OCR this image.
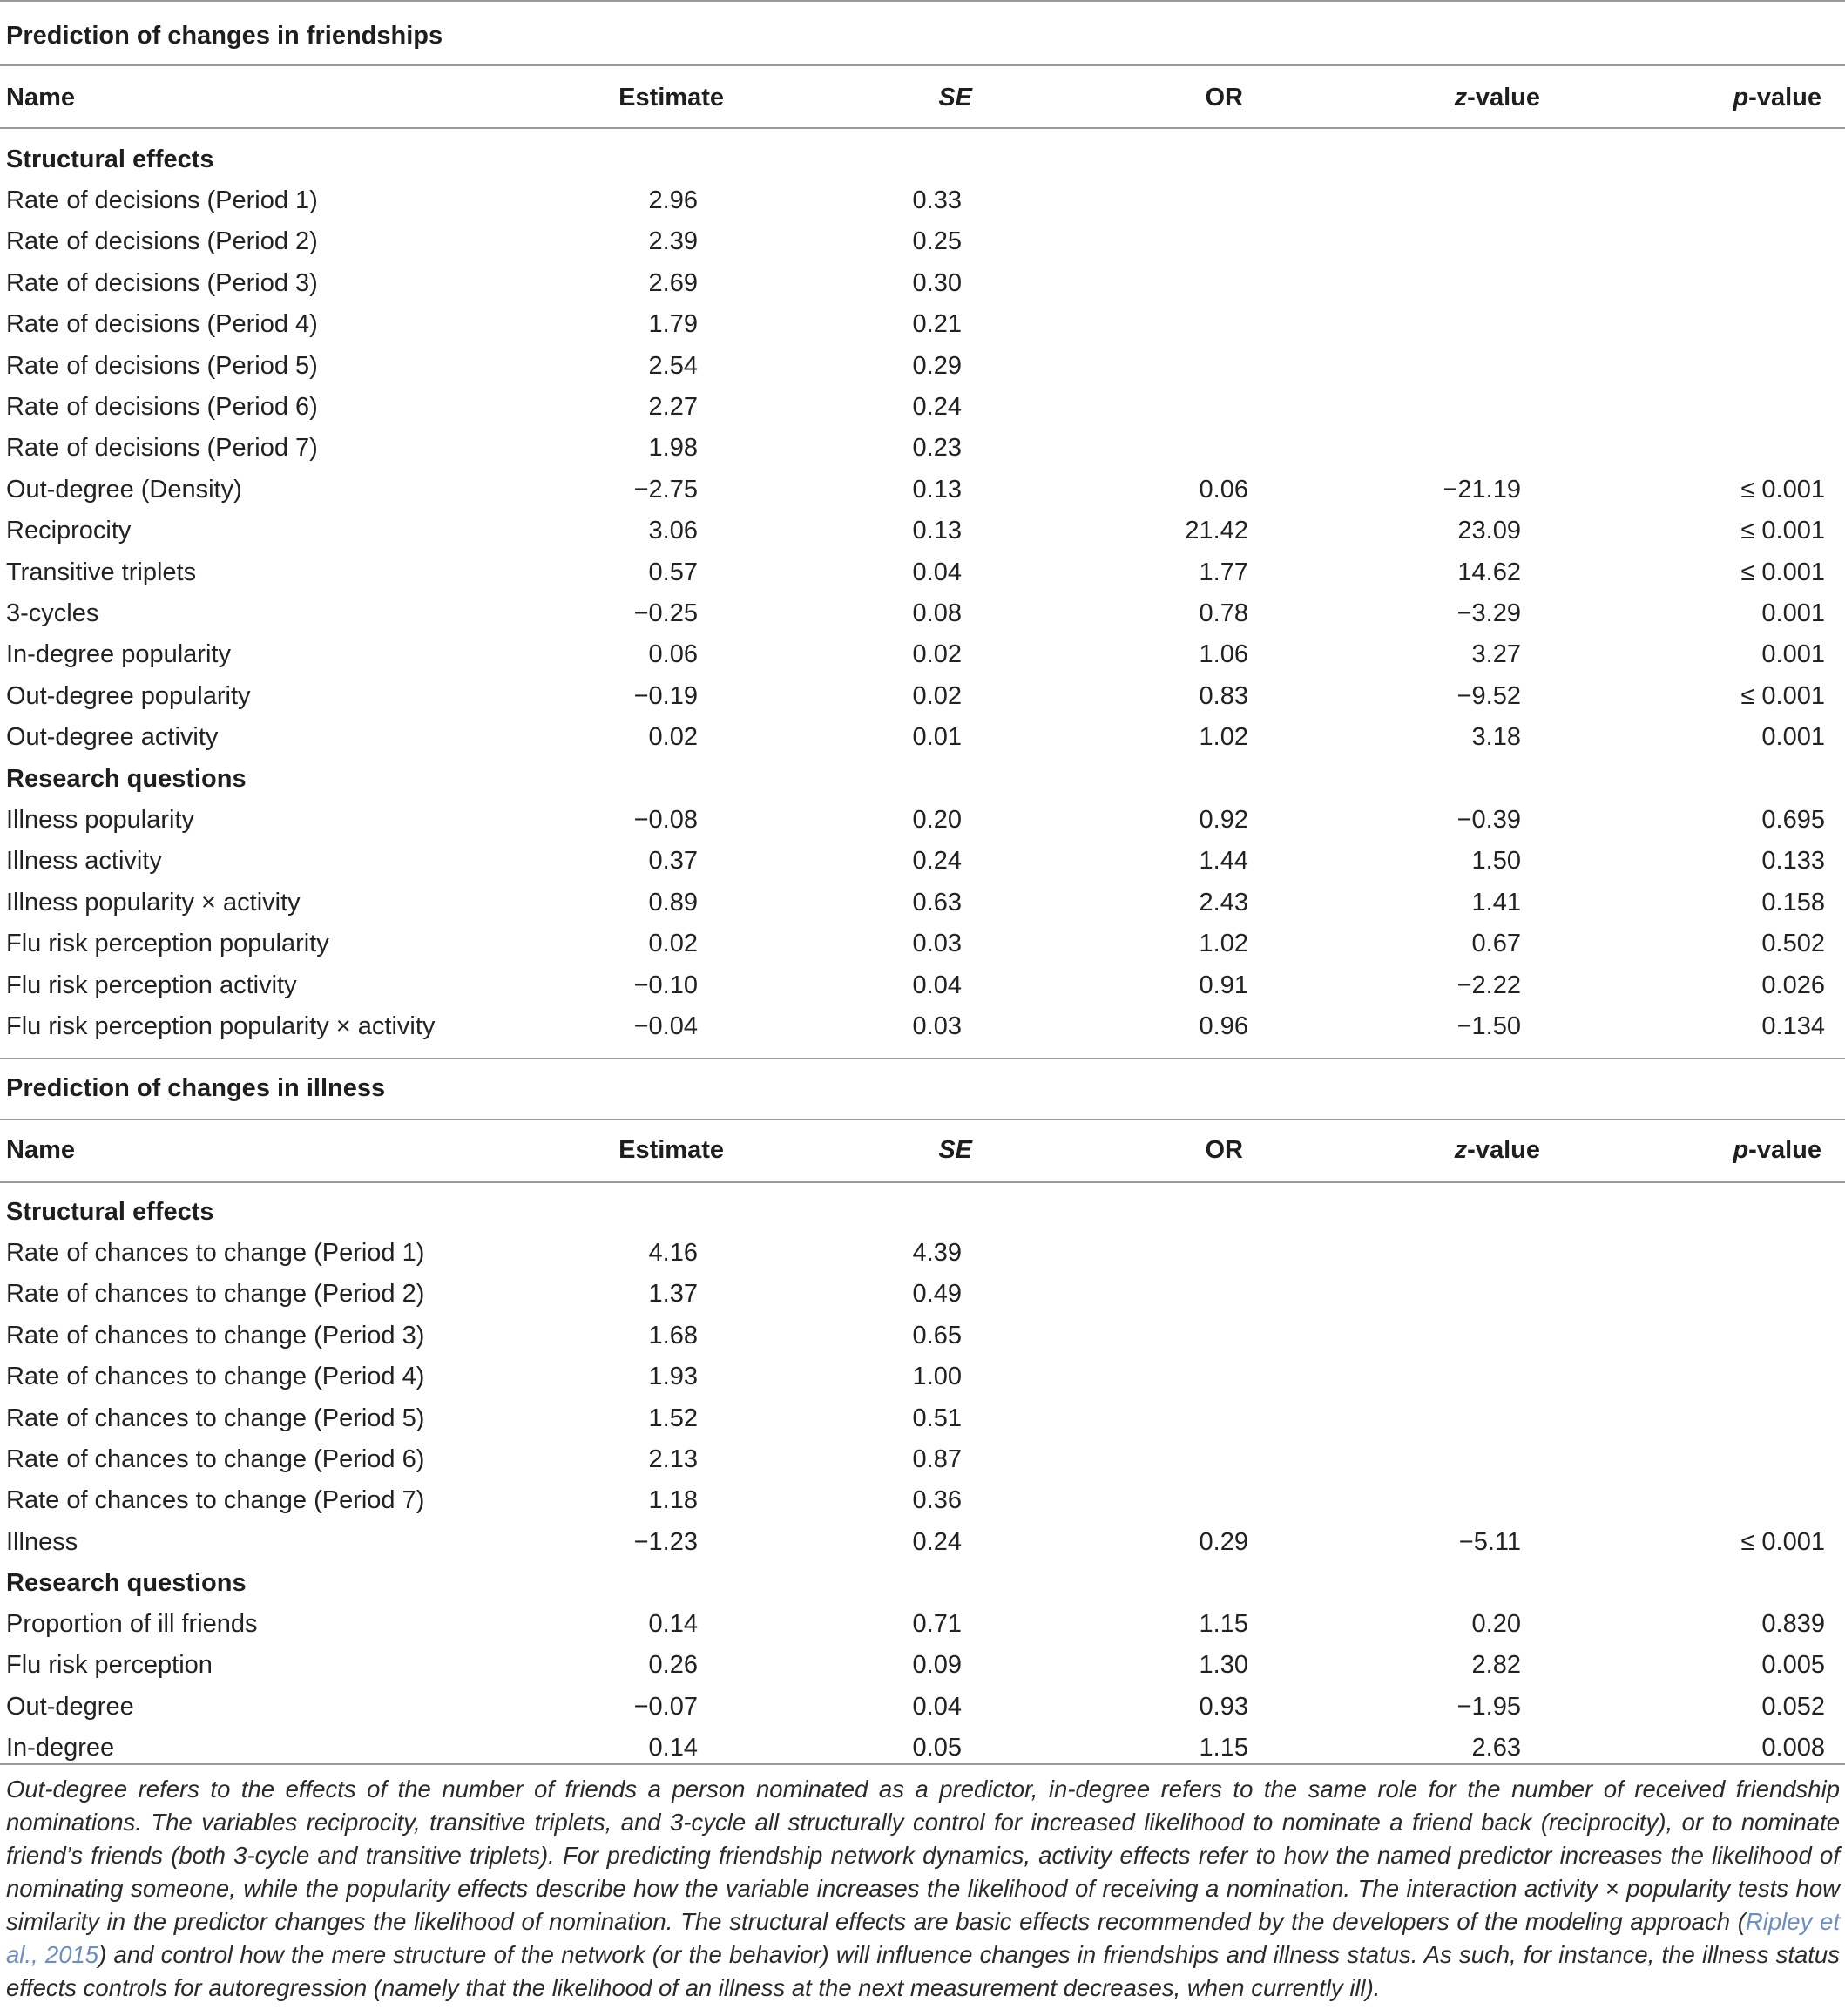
Prediction of changes in friendships
Name	Estimate	SE	OR	z-value	p-value
Structural effects
Rate of decisions (Period 1)	2.96	0.33
Rate of decisions (Period 2)	2.39	0.25
Rate of decisions (Period 3)	2.69	0.30
Rate of decisions (Period 4)	1.79	0.21
Rate of decisions (Period 5)	2.54	0.29
Rate of decisions (Period 6)	2.27	0.24
Rate of decisions (Period 7)	1.98	0.23
Out-degree (Density)	−2.75	0.13	0.06	−21.19	≤ 0.001
Reciprocity	3.06	0.13	21.42	23.09	≤ 0.001
Transitive triplets	0.57	0.04	1.77	14.62	≤ 0.001
3-cycles	−0.25	0.08	0.78	−3.29	0.001
In-degree popularity	0.06	0.02	1.06	3.27	0.001
Out-degree popularity	−0.19	0.02	0.83	−9.52	≤ 0.001
Out-degree activity	0.02	0.01	1.02	3.18	0.001
Research questions
Illness popularity	−0.08	0.20	0.92	−0.39	0.695
Illness activity	0.37	0.24	1.44	1.50	0.133
Illness popularity × activity	0.89	0.63	2.43	1.41	0.158
Flu risk perception popularity	0.02	0.03	1.02	0.67	0.502
Flu risk perception activity	−0.10	0.04	0.91	−2.22	0.026
Flu risk perception popularity × activity	−0.04	0.03	0.96	−1.50	0.134
Prediction of changes in illness
Name	Estimate	SE	OR	z-value	p-value
Structural effects
Rate of chances to change (Period 1)	4.16	4.39
Rate of chances to change (Period 2)	1.37	0.49
Rate of chances to change (Period 3)	1.68	0.65
Rate of chances to change (Period 4)	1.93	1.00
Rate of chances to change (Period 5)	1.52	0.51
Rate of chances to change (Period 6)	2.13	0.87
Rate of chances to change (Period 7)	1.18	0.36
Illness	−1.23	0.24	0.29	−5.11	≤ 0.001
Research questions
Proportion of ill friends	0.14	0.71	1.15	0.20	0.839
Flu risk perception	0.26	0.09	1.30	2.82	0.005
Out-degree	−0.07	0.04	0.93	−1.95	0.052
In-degree	0.14	0.05	1.15	2.63	0.008
Out-degree refers to the effects of the number of friends a person nominated as a predictor, in-degree refers to the same role for the number of received friendship nominations. The variables reciprocity, transitive triplets, and 3-cycle all structurally control for increased likelihood to nominate a friend back (reciprocity), or to nominate friend’s friends (both 3-cycle and transitive triplets). For predicting friendship network dynamics, activity effects refer to how the named predictor increases the likelihood of nominating someone, while the popularity effects describe how the variable increases the likelihood of receiving a nomination. The interaction activity × popularity tests how similarity in the predictor changes the likelihood of nomination. The structural effects are basic effects recommended by the developers of the modeling approach (Ripley et al., 2015) and control how the mere structure of the network (or the behavior) will influence changes in friendships and illness status. As such, for instance, the illness status effects controls for autoregression (namely that the likelihood of an illness at the next measurement decreases, when currently ill).
